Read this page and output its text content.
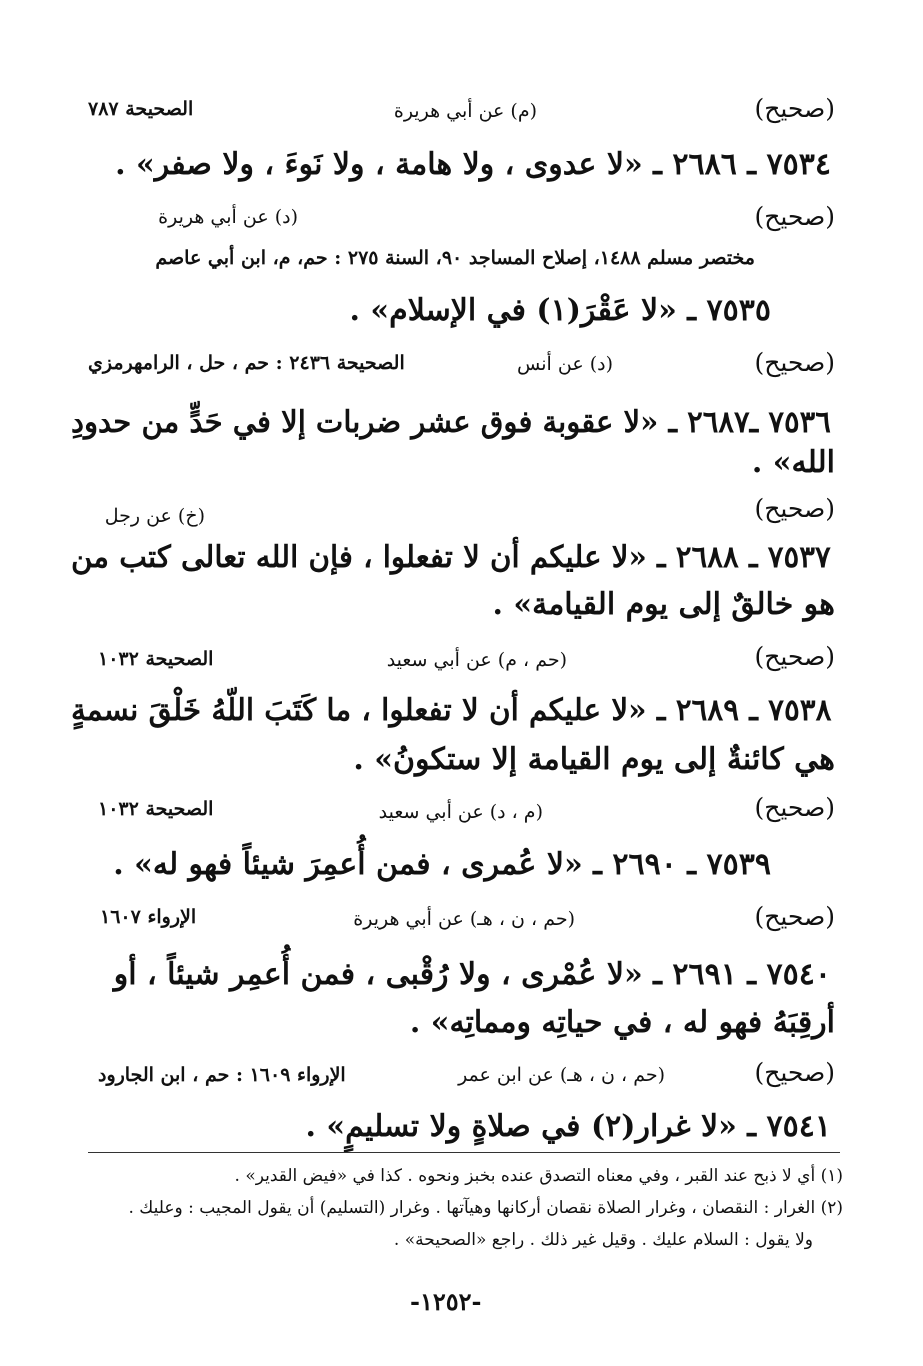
(صحيح)
(م) عن أبي هريرة
الصحيحة ٧٨٧
٧٥٣٤ ـ ٢٦٨٦ ـ «لا عدوى ، ولا هامة ، ولا نَوءَ ، ولا صفر» .
(صحيح)
(د) عن أبي هريرة
مختصر مسلم ١٤٨٨، إصلاح المساجد ٩٠، السنة ٢٧٥ : حم، م، ابن أبي عاصم
٧٥٣٥ ـ «لا عَقْرَ(١) في الإسلام» .
(صحيح)
(د) عن أنس
الصحيحة ٢٤٣٦ : حم ، حل ، الرامهرمزي
٧٥٣٦ ـ٢٦٨٧ ـ «لا عقوبة فوق عشر ضربات إلا في حَدٍّ من حدودِ
الله» .
(صحيح)
(خ) عن رجل
٧٥٣٧ ـ ٢٦٨٨ ـ «لا عليكم أن لا تفعلوا ، فإن الله تعالى كتب من
هو خالقٌ إلى يوم القيامة» .
(صحيح)
(حم ، م) عن أبي سعيد
الصحيحة ١٠٣٢
٧٥٣٨ ـ ٢٦٨٩ ـ «لا عليكم أن لا تفعلوا ، ما كَتَبَ اللّهُ خَلْقَ نسمةٍ
هي كائنةٌ إلى يوم القيامة إلا ستكونُ» .
(صحيح)
(م ، د) عن أبي سعيد
الصحيحة ١٠٣٢
٧٥٣٩ ـ ٢٦٩٠ ـ «لا عُمرى ، فمن أُعمِرَ شيئاً فهو له» .
(صحيح)
(حم ، ن ، هـ) عن أبي هريرة
الإرواء ١٦٠٧
٧٥٤٠ ـ ٢٦٩١ ـ «لا عُمْرى ، ولا رُقْبى ، فمن أُعمِر شيئاً ، أو
أرقِبَهُ فهو له ، في حياتِه ومماتِه» .
(صحيح)
(حم ، ن ، هـ) عن ابن عمر
الإرواء ١٦٠٩ : حم ، ابن الجارود
٧٥٤١ ـ «لا غرار(٢) في صلاةٍ ولا تسليمٍ» .
(١) أي لا ذبح عند القبر ، وفي معناه التصدق عنده بخبز ونحوه . كذا في «فيض القدير» .
(٢) الغرار : النقصان ، وغرار الصلاة نقصان أركانها وهيآتها . وغرار (التسليم) أن يقول المجيب : وعليك .
ولا يقول : السلام عليك . وقيل غير ذلك . راجع «الصحيحة» .
-١٢٥٢-
